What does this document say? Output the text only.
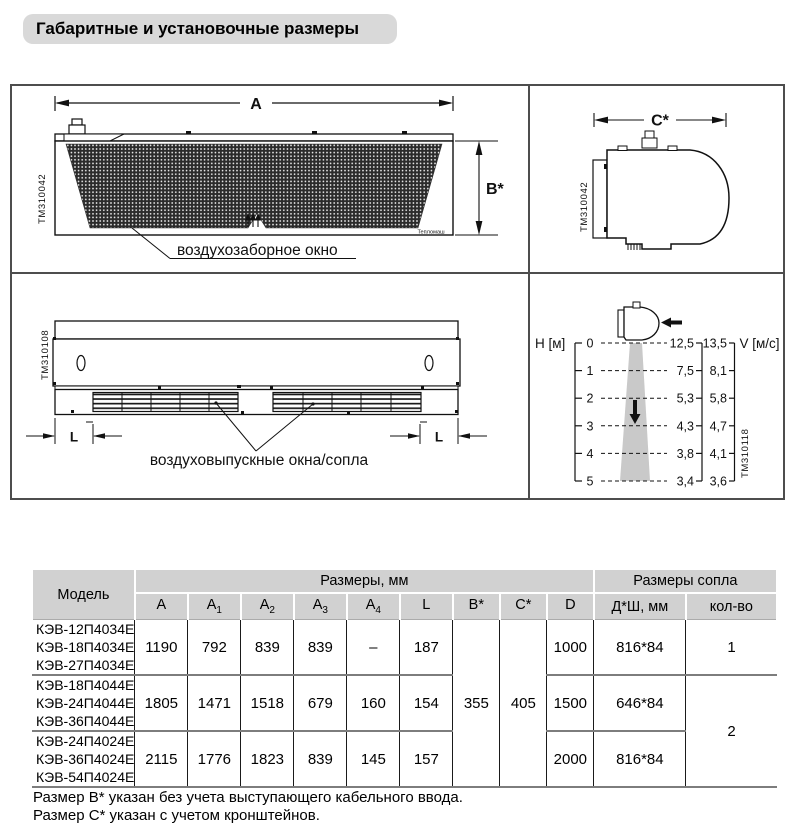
Габаритные и установочные размеры
А
Тепломаш
B*
воздухозаборное окно
TM310042
C*
TM310042
L	L
воздуховыпускные окна/сопла
TM310108	H [м] 0
1
2
3
4
5
12,5
7,5
5,3
4,3
3,8
3,4
13,5
8,1
5,8
4,7
4,1
3,6
V [м/с]
TM310118
Модель	Размеры, мм									Размеры сопла	
	А	$А_1$	$А_2$	$А_3$	$А_4$	L	B*	C*	D	Д*Ш, мм	кол-во

КЭВ-12П4034Е
КЭВ-18П4034Е
КЭВ-27П4034Е	1190	792	839	839	–	187	355	405	1000	816*84	1

КЭВ-18П4044Е
КЭВ-24П4044Е
КЭВ-36П4044Е	1805	1471	1518	679	160	154			1500	646*84	2

КЭВ-24П4024Е
КЭВ-36П4024Е
КЭВ-54П4024Е	2115	1776	1823	839	145	157			2000	816*84	
Размер B* указан без учета выступающего кабельного ввода.
Размер C* указан с учетом кронштейнов.
